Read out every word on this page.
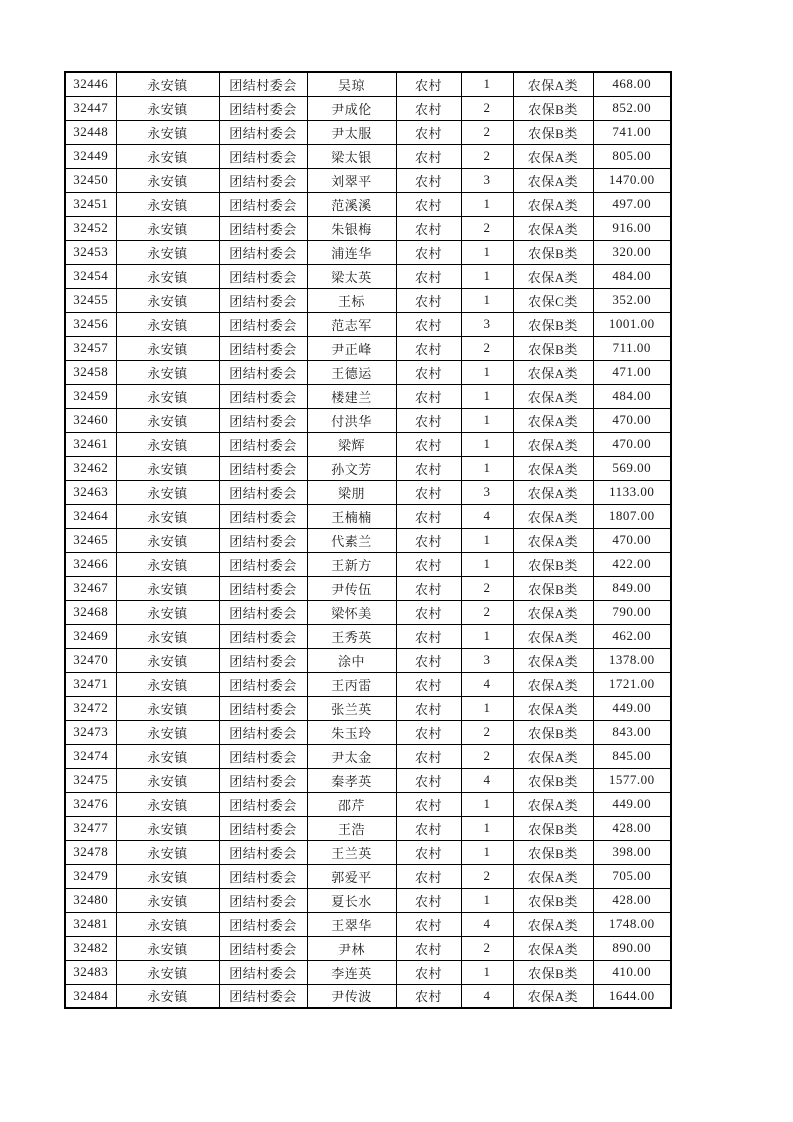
32446	永安镇	团结村委会	吴琼	农村	1	农保A类	468.00
32447	永安镇	团结村委会	尹成伦	农村	2	农保B类	852.00
32448	永安镇	团结村委会	尹太服	农村	2	农保B类	741.00
32449	永安镇	团结村委会	梁太银	农村	2	农保A类	805.00
32450	永安镇	团结村委会	刘翠平	农村	3	农保A类	1470.00
32451	永安镇	团结村委会	范溪溪	农村	1	农保A类	497.00
32452	永安镇	团结村委会	朱银梅	农村	2	农保A类	916.00
32453	永安镇	团结村委会	浦连华	农村	1	农保B类	320.00
32454	永安镇	团结村委会	梁太英	农村	1	农保A类	484.00
32455	永安镇	团结村委会	王标	农村	1	农保C类	352.00
32456	永安镇	团结村委会	范志军	农村	3	农保B类	1001.00
32457	永安镇	团结村委会	尹正峰	农村	2	农保B类	711.00
32458	永安镇	团结村委会	王德运	农村	1	农保A类	471.00
32459	永安镇	团结村委会	楼建兰	农村	1	农保A类	484.00
32460	永安镇	团结村委会	付洪华	农村	1	农保A类	470.00
32461	永安镇	团结村委会	梁辉	农村	1	农保A类	470.00
32462	永安镇	团结村委会	孙文芳	农村	1	农保A类	569.00
32463	永安镇	团结村委会	梁朋	农村	3	农保A类	1133.00
32464	永安镇	团结村委会	王楠楠	农村	4	农保A类	1807.00
32465	永安镇	团结村委会	代素兰	农村	1	农保A类	470.00
32466	永安镇	团结村委会	王新方	农村	1	农保B类	422.00
32467	永安镇	团结村委会	尹传伍	农村	2	农保B类	849.00
32468	永安镇	团结村委会	梁怀美	农村	2	农保A类	790.00
32469	永安镇	团结村委会	王秀英	农村	1	农保A类	462.00
32470	永安镇	团结村委会	涂中	农村	3	农保A类	1378.00
32471	永安镇	团结村委会	王丙雷	农村	4	农保A类	1721.00
32472	永安镇	团结村委会	张兰英	农村	1	农保A类	449.00
32473	永安镇	团结村委会	朱玉玲	农村	2	农保B类	843.00
32474	永安镇	团结村委会	尹太金	农村	2	农保A类	845.00
32475	永安镇	团结村委会	秦孝英	农村	4	农保B类	1577.00
32476	永安镇	团结村委会	邵芹	农村	1	农保A类	449.00
32477	永安镇	团结村委会	王浩	农村	1	农保B类	428.00
32478	永安镇	团结村委会	王兰英	农村	1	农保B类	398.00
32479	永安镇	团结村委会	郭爱平	农村	2	农保A类	705.00
32480	永安镇	团结村委会	夏长水	农村	1	农保B类	428.00
32481	永安镇	团结村委会	王翠华	农村	4	农保A类	1748.00
32482	永安镇	团结村委会	尹林	农村	2	农保A类	890.00
32483	永安镇	团结村委会	李连英	农村	1	农保B类	410.00
32484	永安镇	团结村委会	尹传波	农村	4	农保A类	1644.00
